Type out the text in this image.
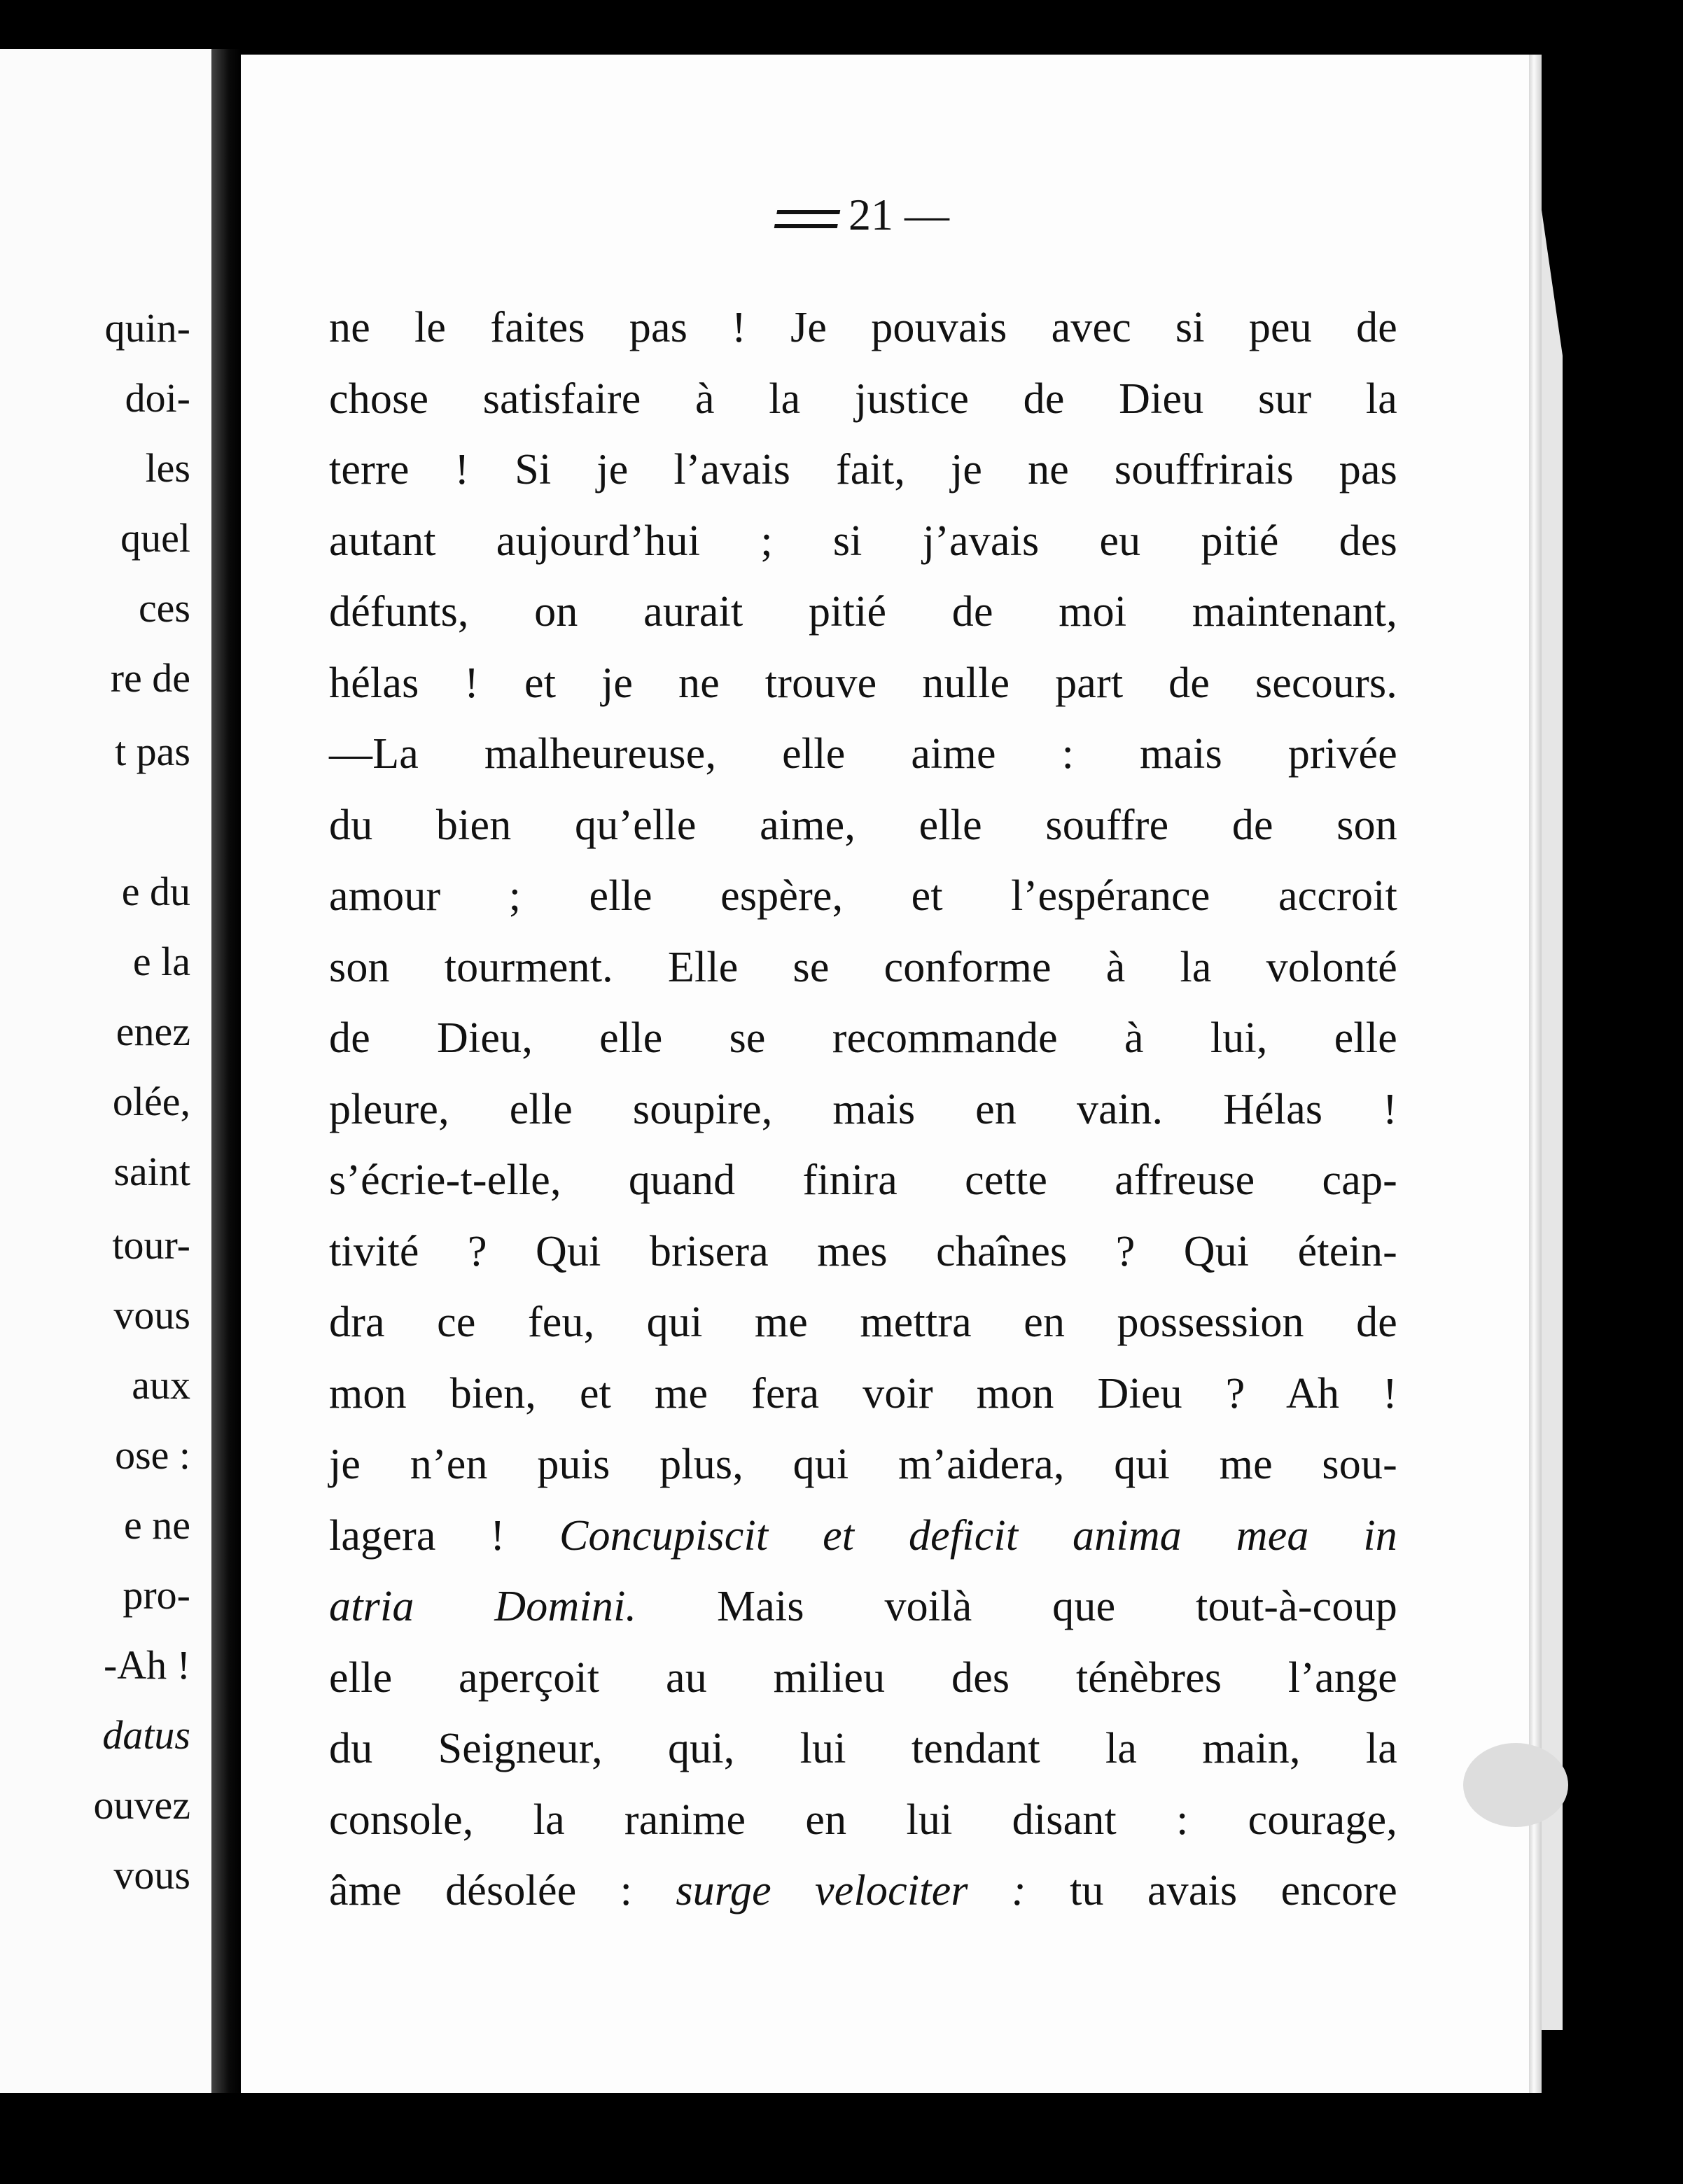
quin-
doi-
les
quel
ces
re de
t pas
e du
e la
enez
olée,
saint
tour-
vous
aux
ose :
e ne
pro-
-Ah !
datus
ouvez
vous
21 —
ne le faites pas ! Je pouvais avec si peu de
chose satisfaire à la justice de Dieu sur la
terre ! Si je l’avais fait, je ne souffrirais pas
autant aujourd’hui ; si j’avais eu pitié des
défunts, on aurait pitié de moi maintenant,
hélas ! et je ne trouve nulle part de secours.
—La malheureuse, elle aime : mais privée
du bien qu’elle aime, elle souffre de son
amour ; elle espère, et l’espérance accroit
son tourment. Elle se conforme à la volonté
de Dieu, elle se recommande à lui, elle
pleure, elle soupire, mais en vain. Hélas !
s’écrie-t-elle, quand finira cette affreuse cap-
tivité ? Qui brisera mes chaînes ? Qui étein-
dra ce feu, qui me mettra en possession de
mon bien, et me fera voir mon Dieu ? Ah !
je n’en puis plus, qui m’aidera, qui me sou-
lagera ! Concupiscit et deficit anima mea in
atria Domini. Mais voilà que tout-à-coup
elle aperçoit au milieu des ténèbres l’ange
du Seigneur, qui, lui tendant la main, la
console, la ranime en lui disant : courage,
âme désolée : surge velociter : tu avais encore
